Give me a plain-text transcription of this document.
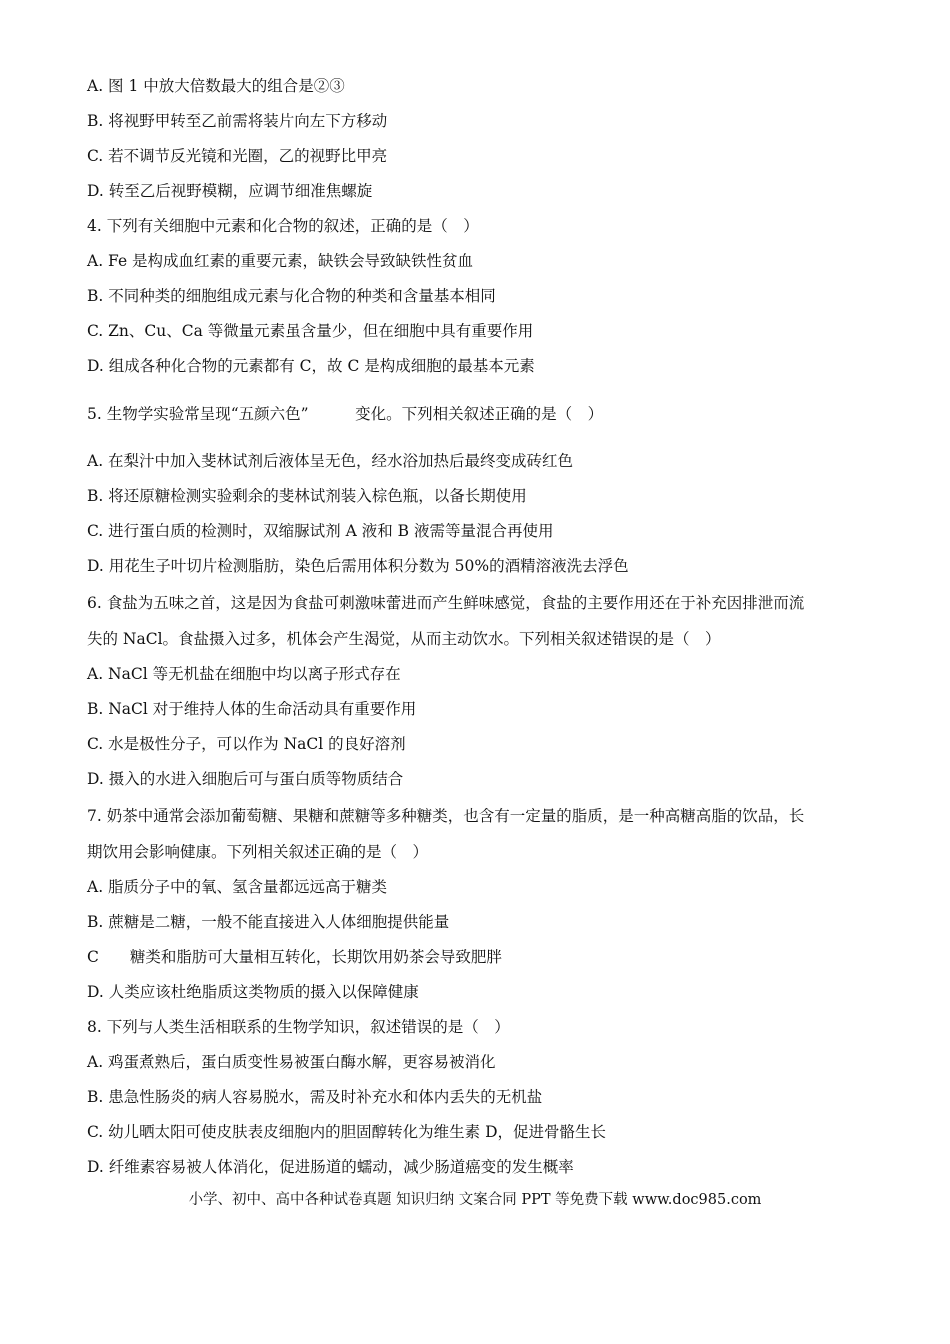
A. 图 1 中放大倍数最大的组合是②③
B. 将视野甲转至乙前需将装片向左下方移动
C. 若不调节反光镜和光圈，乙的视野比甲亮
D. 转至乙后视野模糊，应调节细准焦螺旋
4. 下列有关细胞中元素和化合物的叙述，正确的是（　）
A. Fe 是构成血红素的重要元素，缺铁会导致缺铁性贫血
B. 不同种类的细胞组成元素与化合物的种类和含量基本相同
C. Zn、Cu、Ca 等微量元素虽含量少，但在细胞中具有重要作用
D. 组成各种化合物的元素都有 C，故 C 是构成细胞的最基本元素
5. 生物学实验常呈现“五颜六色”　　　变化。下列相关叙述正确的是（　）
A. 在梨汁中加入斐林试剂后液体呈无色，经水浴加热后最终变成砖红色
B. 将还原糖检测实验剩余的斐林试剂装入棕色瓶，以备长期使用
C. 进行蛋白质的检测时，双缩脲试剂 A 液和 B 液需等量混合再使用
D. 用花生子叶切片检测脂肪，染色后需用体积分数为 50%的酒精溶液洗去浮色
6. 食盐为五味之首，这是因为食盐可刺激味蕾进而产生鲜味感觉，食盐的主要作用还在于补充因排泄而流
失的 NaCl。食盐摄入过多，机体会产生渴觉，从而主动饮水。下列相关叙述错误的是（　）
A. NaCl 等无机盐在细胞中均以离子形式存在
B. NaCl 对于维持人体的生命活动具有重要作用
C. 水是极性分子，可以作为 NaCl 的良好溶剂
D. 摄入的水进入细胞后可与蛋白质等物质结合
7. 奶茶中通常会添加葡萄糖、果糖和蔗糖等多种糖类，也含有一定量的脂质，是一种高糖高脂的饮品，长
期饮用会影响健康。下列相关叙述正确的是（　）
A. 脂质分子中的氧、氢含量都远远高于糖类
B. 蔗糖是二糖，一般不能直接进入人体细胞提供能量
C　　糖类和脂肪可大量相互转化，长期饮用奶茶会导致肥胖
D. 人类应该杜绝脂质这类物质的摄入以保障健康
8. 下列与人类生活相联系的生物学知识，叙述错误的是（　）
A. 鸡蛋煮熟后，蛋白质变性易被蛋白酶水解，更容易被消化
B. 患急性肠炎的病人容易脱水，需及时补充水和体内丢失的无机盐
C. 幼儿晒太阳可使皮肤表皮细胞内的胆固醇转化为维生素 D，促进骨骼生长
D. 纤维素容易被人体消化，促进肠道的蠕动，减少肠道癌变的发生概率
小学、初中、高中各种试卷真题 知识归纳 文案合同 PPT 等免费下载 www.doc985.com
